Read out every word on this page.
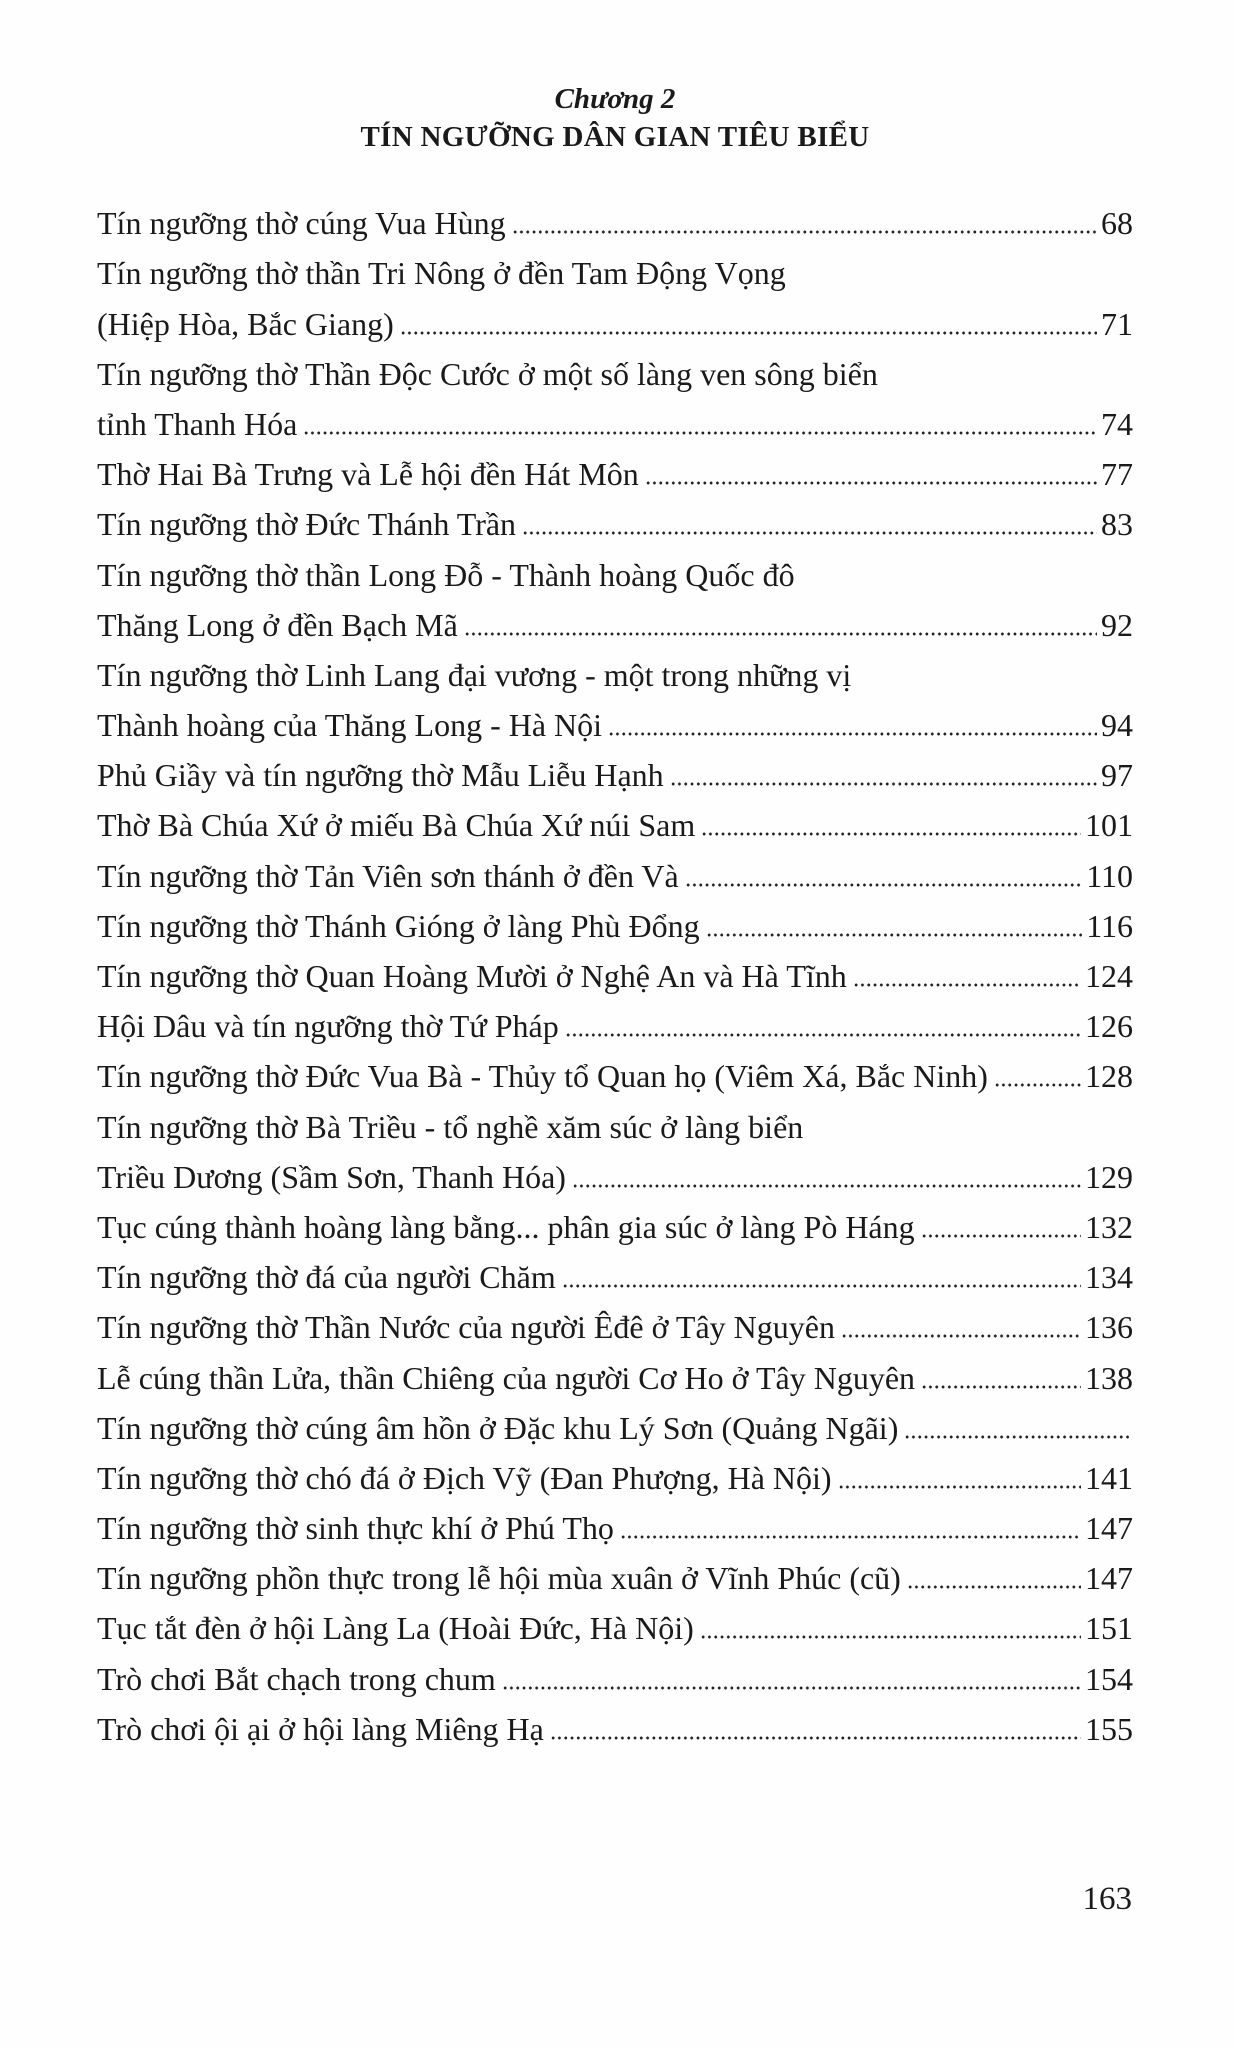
Chương 2
TÍN NGƯỠNG DÂN GIAN TIÊU BIỂU
Tín ngưỡng thờ cúng Vua Hùng	68
Tín ngưỡng thờ thần Tri Nông ở đền Tam Động Vọng
(Hiệp Hòa, Bắc Giang)	71
Tín ngưỡng thờ Thần Độc Cước ở một số làng ven sông biển
tỉnh Thanh Hóa	74
Thờ Hai Bà Trưng và Lễ hội đền Hát Môn	77
Tín ngưỡng thờ Đức Thánh Trần	83
Tín ngưỡng thờ thần Long Đỗ - Thành hoàng Quốc đô
Thăng Long ở đền Bạch Mã	92
Tín ngưỡng thờ Linh Lang đại vương - một trong những vị
Thành hoàng của Thăng Long - Hà Nội	94
Phủ Giầy và tín ngưỡng thờ Mẫu Liễu Hạnh	97
Thờ Bà Chúa Xứ ở miếu Bà Chúa Xứ núi Sam	101
Tín ngưỡng thờ Tản Viên sơn thánh ở đền Và	110
Tín ngưỡng thờ Thánh Gióng ở làng Phù Đổng	116
Tín ngưỡng thờ Quan Hoàng Mười ở Nghệ An và Hà Tĩnh	124
Hội Dâu và tín ngưỡng thờ Tứ Pháp	126
Tín ngưỡng thờ Đức Vua Bà - Thủy tổ Quan họ (Viêm Xá, Bắc Ninh)	128
Tín ngưỡng thờ Bà Triều - tổ nghề xăm súc ở làng biển
Triều Dương (Sầm Sơn, Thanh Hóa)	129
Tục cúng thành hoàng làng bằng... phân gia súc ở làng Pò Háng	132
Tín ngưỡng thờ đá của người Chăm	134
Tín ngưỡng thờ Thần Nước của người Êđê ở Tây Nguyên	136
Lễ cúng thần Lửa, thần Chiêng của người Cơ Ho ở Tây Nguyên	138
Tín ngưỡng thờ cúng âm hồn ở Đặc khu Lý Sơn (Quảng Ngãi)
Tín ngưỡng thờ chó đá ở Địch Vỹ (Đan Phượng, Hà Nội)	141
Tín ngưỡng thờ sinh thực khí ở Phú Thọ	147
Tín ngưỡng phồn thực trong lễ hội mùa xuân ở Vĩnh Phúc (cũ)	147
Tục tắt đèn ở hội Làng La (Hoài Đức, Hà Nội)	151
Trò chơi Bắt chạch trong chum	154
Trò chơi ội ại ở hội làng Miêng Hạ	155
163
